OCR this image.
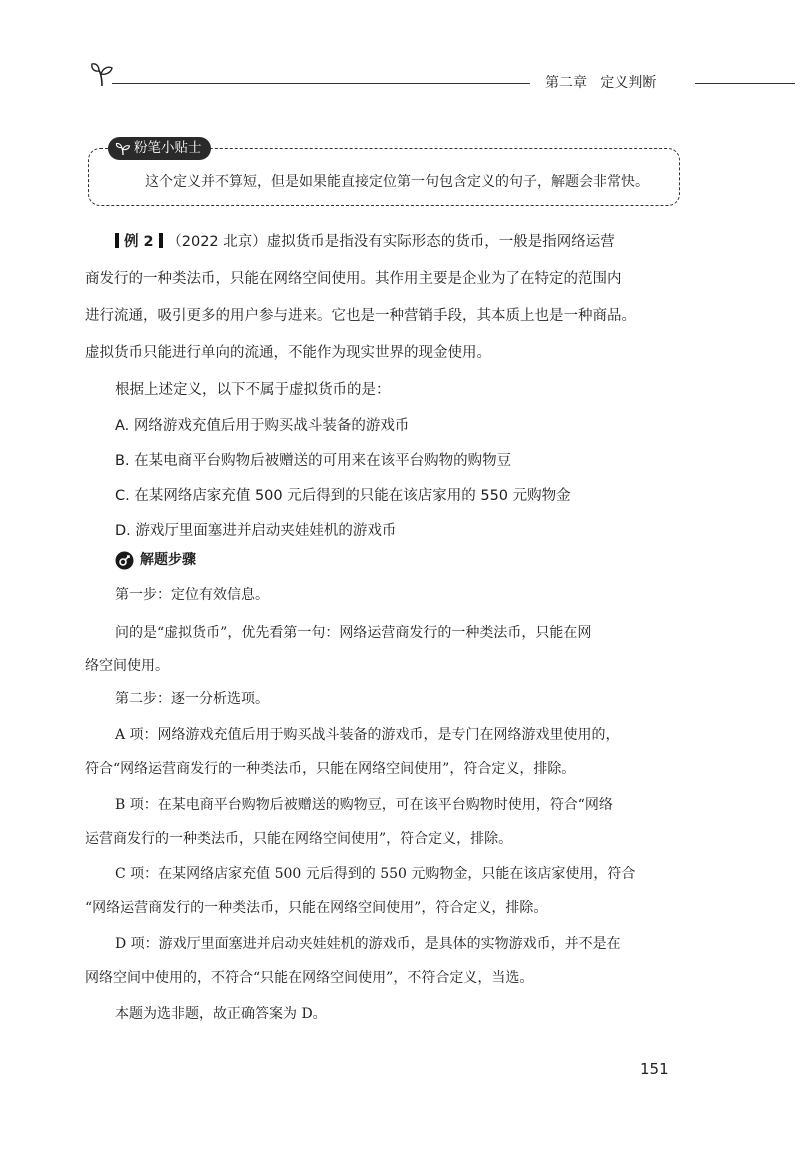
第二章   定义判断
粉笔小贴士
这个定义并不算短，但是如果能直接定位第一句包含定义的句子，解题会非常快。
例 2 （2022 北京）虚拟货币是指没有实际形态的货币，一般是指网络运营
商发行的一种类法币，只能在网络空间使用。其作用主要是企业为了在特定的范围内
进行流通，吸引更多的用户参与进来。它也是一种营销手段，其本质上也是一种商品。
虚拟货币只能进行单向的流通，不能作为现实世界的现金使用。
根据上述定义，以下不属于虚拟货币的是：
A. 网络游戏充值后用于购买战斗装备的游戏币
B. 在某电商平台购物后被赠送的可用来在该平台购物的购物豆
C. 在某网络店家充值 500 元后得到的只能在该店家用的 550 元购物金
D. 游戏厅里面塞进并启动夹娃娃机的游戏币
解题步骤
第一步：定位有效信息。
问的是“虚拟货币”，优先看第一句：网络运营商发行的一种类法币，只能在网
络空间使用。
第二步：逐一分析选项。
A 项：网络游戏充值后用于购买战斗装备的游戏币，是专门在网络游戏里使用的，
符合“网络运营商发行的一种类法币，只能在网络空间使用”，符合定义，排除。
B 项：在某电商平台购物后被赠送的购物豆，可在该平台购物时使用，符合“网络
运营商发行的一种类法币，只能在网络空间使用”，符合定义，排除。
C 项：在某网络店家充值 500 元后得到的 550 元购物金，只能在该店家使用，符合
“网络运营商发行的一种类法币，只能在网络空间使用”，符合定义，排除。
D 项：游戏厅里面塞进并启动夹娃娃机的游戏币，是具体的实物游戏币，并不是在
网络空间中使用的，不符合“只能在网络空间使用”，不符合定义，当选。
本题为选非题，故正确答案为 D。
151
